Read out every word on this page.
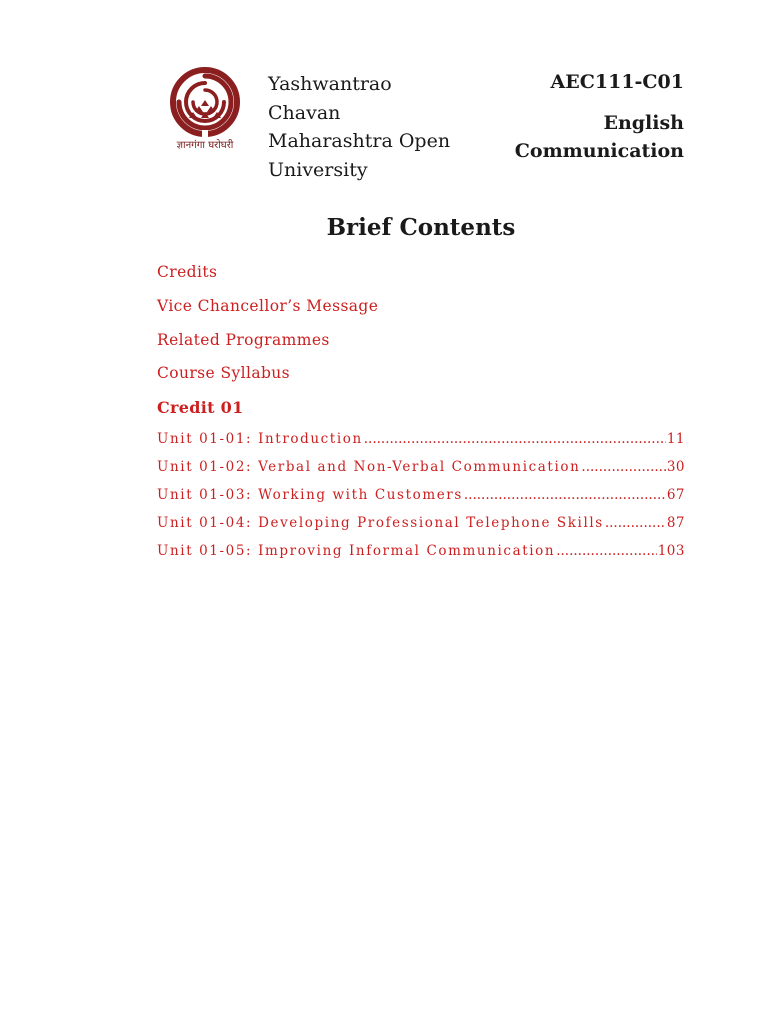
ज्ञानगंगा घरोघरी
Yashwantrao
Chavan
Maharashtra Open
University
AEC111-C01
English
Communication
Brief Contents
Credits
Vice Chancellor’s Message
Related Programmes
Course Syllabus
Credit 01
Unit 01-01: Introduction .....	11
Unit 01-02: Verbal and Non-Verbal Communication .....	30
Unit 01-03: Working with Customers .....	67
Unit 01-04: Developing Professional Telephone Skills .....	87
Unit 01-05: Improving Informal Communication .....	103
